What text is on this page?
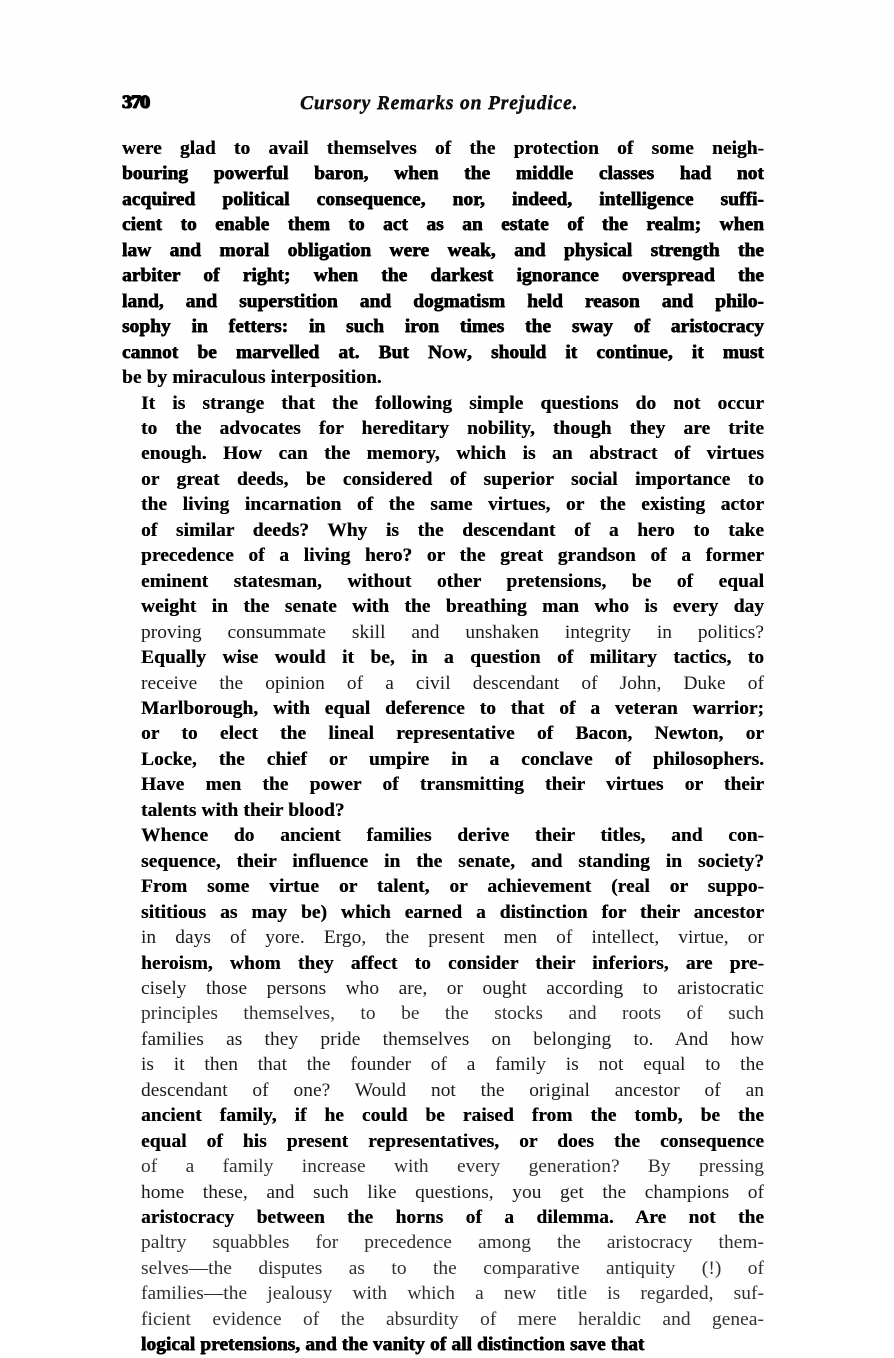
370	Cursory Remarks on Prejudice.

were glad to avail themselves of the protection of some neigh-
bouring powerful baron, when the middle classes had not
acquired political consequence, nor, indeed, intelligence suffi-
cient to enable them to act as an estate of the realm; when
law and moral obligation were weak, and physical strength the
arbiter of right; when the darkest ignorance overspread the
land, and superstition and dogmatism held reason and philo-
sophy in fetters: in such iron times the sway of aristocracy
cannot be marvelled at. But Now, should it continue, it must
be by miraculous interposition.

It is strange that the following simple questions do not occur
to the advocates for hereditary nobility, though they are trite
enough. How can the memory, which is an abstract of virtues
or great deeds, be considered of superior social importance to
the living incarnation of the same virtues, or the existing actor
of similar deeds? Why is the descendant of a hero to take
precedence of a living hero? or the great grandson of a former
eminent statesman, without other pretensions, be of equal
weight in the senate with the breathing man who is every day
proving consummate skill and unshaken integrity in politics?
Equally wise would it be, in a question of military tactics, to
receive the opinion of a civil descendant of John, Duke of
Marlborough, with equal deference to that of a veteran warrior;
or to elect the lineal representative of Bacon, Newton, or
Locke, the chief or umpire in a conclave of philosophers.
Have men the power of transmitting their virtues or their
talents with their blood?

Whence do ancient families derive their titles, and con-
sequence, their influence in the senate, and standing in society?
From some virtue or talent, or achievement (real or suppo-
sititious as may be) which earned a distinction for their ancestor
in days of yore. Ergo, the present men of intellect, virtue, or
heroism, whom they affect to consider their inferiors, are pre-
cisely those persons who are, or ought according to aristocratic
principles themselves, to be the stocks and roots of such
families as they pride themselves on belonging to. And how
is it then that the founder of a family is not equal to the
descendant of one? Would not the original ancestor of an
ancient family, if he could be raised from the tomb, be the
equal of his present representatives, or does the consequence
of a family increase with every generation? By pressing
home these, and such like questions, you get the champions of
aristocracy between the horns of a dilemma. Are not the
paltry squabbles for precedence among the aristocracy them-
selves—the disputes as to the comparative antiquity (!) of
families—the jealousy with which a new title is regarded, suf-
ficient evidence of the absurdity of mere heraldic and genea-
logical pretensions, and the vanity of all distinction save that
